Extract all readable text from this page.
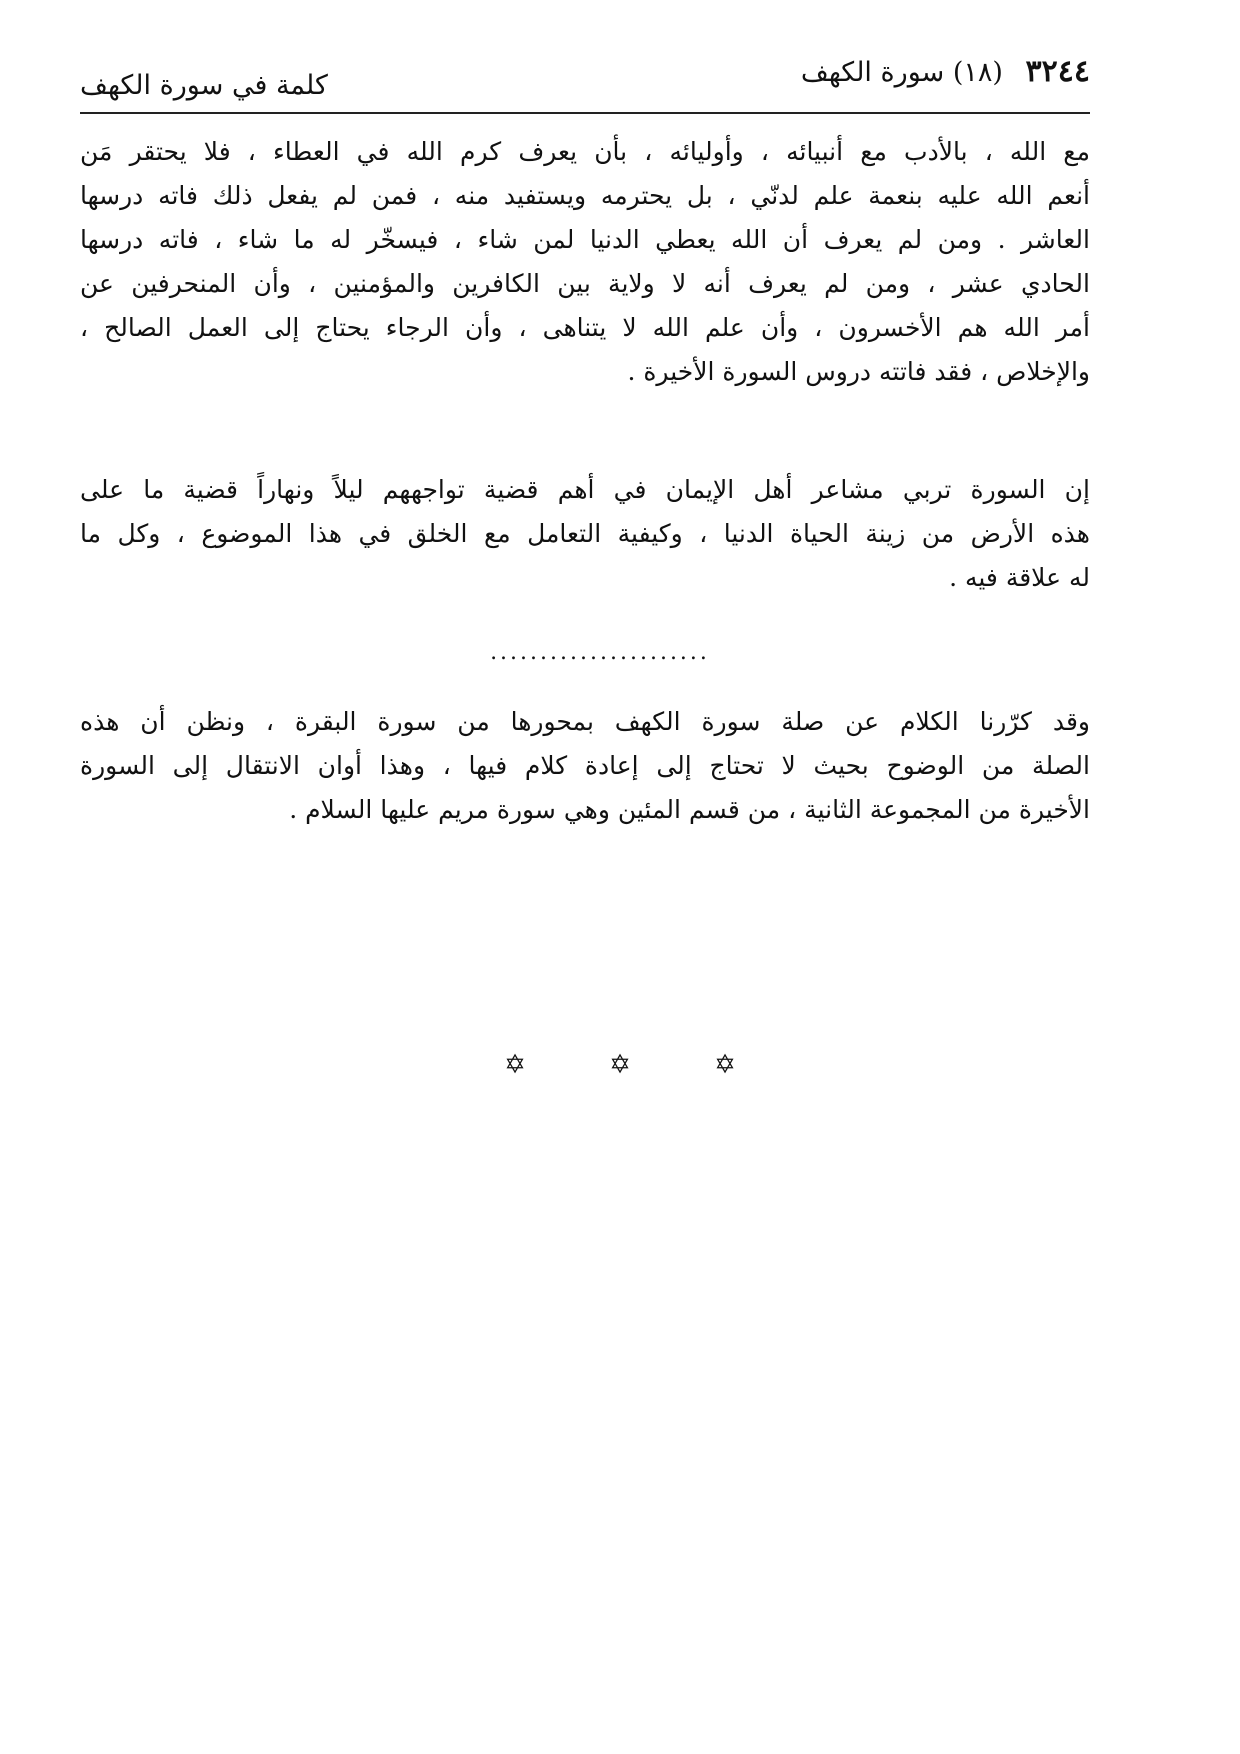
٣٢٤٤ (١٨) سورة الكهف
كلمة في سورة الكهف
مع الله ، بالأدب مع أنبيائه ، وأوليائه ، بأن يعرف كرم الله في العطاء ، فلا يحتقر مَن
أنعم الله عليه بنعمة علم لدنّي ، بل يحترمه ويستفيد منه ، فمن لم يفعل ذلك فاته درسها
العاشر . ومن لم يعرف أن الله يعطي الدنيا لمن شاء ، فيسخّر له ما شاء ، فاته درسها
الحادي عشر ، ومن لم يعرف أنه لا ولاية بين الكافرين والمؤمنين ، وأن المنحرفين عن
أمر الله هم الأخسرون ، وأن علم الله لا يتناهى ، وأن الرجاء يحتاج إلى العمل الصالح ،
والإخلاص ، فقد فاتته دروس السورة الأخيرة .
إن السورة تربي مشاعر أهل الإيمان في أهم قضية تواجههم ليلاً ونهاراً قضية ما على
هذه الأرض من زينة الحياة الدنيا ، وكيفية التعامل مع الخلق في هذا الموضوع ، وكل ما
له علاقة فيه .
......................
وقد كرّرنا الكلام عن صلة سورة الكهف بمحورها من سورة البقرة ، ونظن أن هذه
الصلة من الوضوح بحيث لا تحتاج إلى إعادة كلام فيها ، وهذا أوان الانتقال إلى السورة
الأخيرة من المجموعة الثانية ، من قسم المئين وهي سورة مريم عليها السلام .
✡	✡	✡
